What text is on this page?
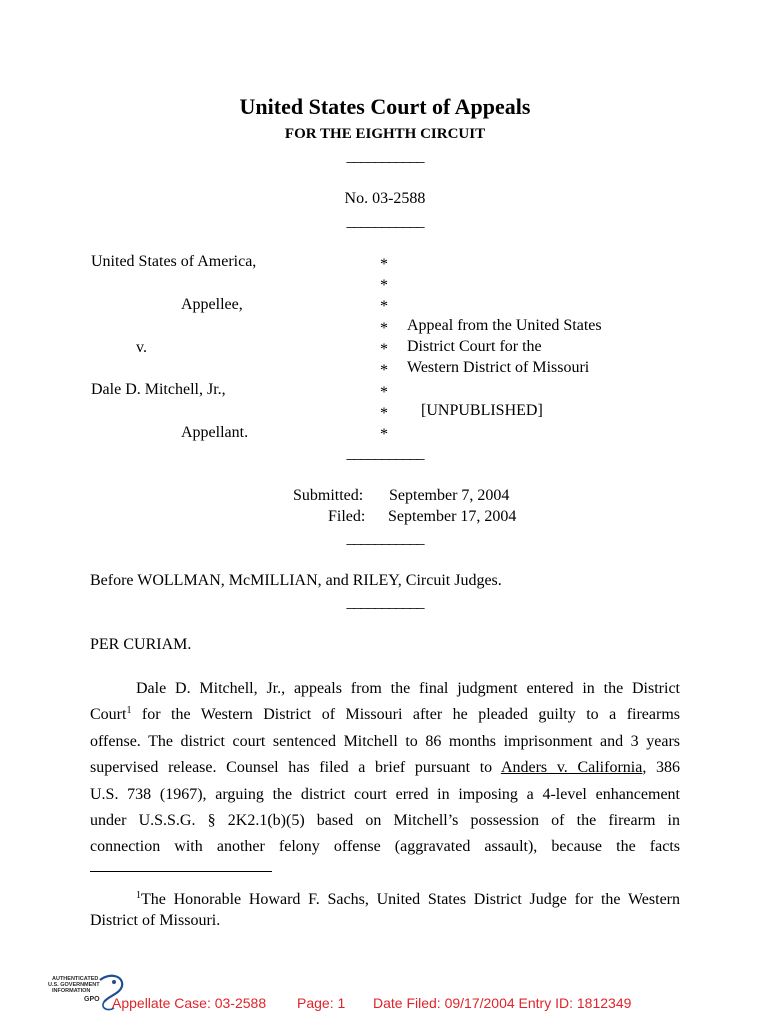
United States Court of Appeals
FOR THE EIGHTH CIRCUIT
___________
No. 03-2588
___________
United States of America,
Appellee,
v.
Dale D. Mitchell, Jr.,
Appellant.
*
*
*
*
*
*
*
*
*
Appeal from the United States
District Court for the
Western District of Missouri
[UNPUBLISHED]
___________
Submitted: September 7, 2004
Filed: September 17, 2004
___________
Before WOLLMAN, McMILLIAN, and RILEY, Circuit Judges.
___________
PER CURIAM.
Dale D. Mitchell, Jr., appeals from the final judgment entered in the District
Court$^1$ for the Western District of Missouri after he pleaded guilty to a firearms
offense. The district court sentenced Mitchell to 86 months imprisonment and 3 years
supervised release. Counsel has filed a brief pursuant to Anders v. California, 386
U.S. 738 (1967), arguing the district court erred in imposing a 4-level enhancement
under U.S.S.G. § 2K2.1(b)(5) based on Mitchell’s possession of the firearm in
connection with another felony offense (aggravated assault), because the facts
$^1$The Honorable Howard F. Sachs, United States District Judge for the Western
District of Missouri.
AUTHENTICATED
U.S. GOVERNMENT
INFORMATION
GPO Appellate Case: 03-2588 Page: 1 Date Filed: 09/17/2004 Entry ID: 1812349
